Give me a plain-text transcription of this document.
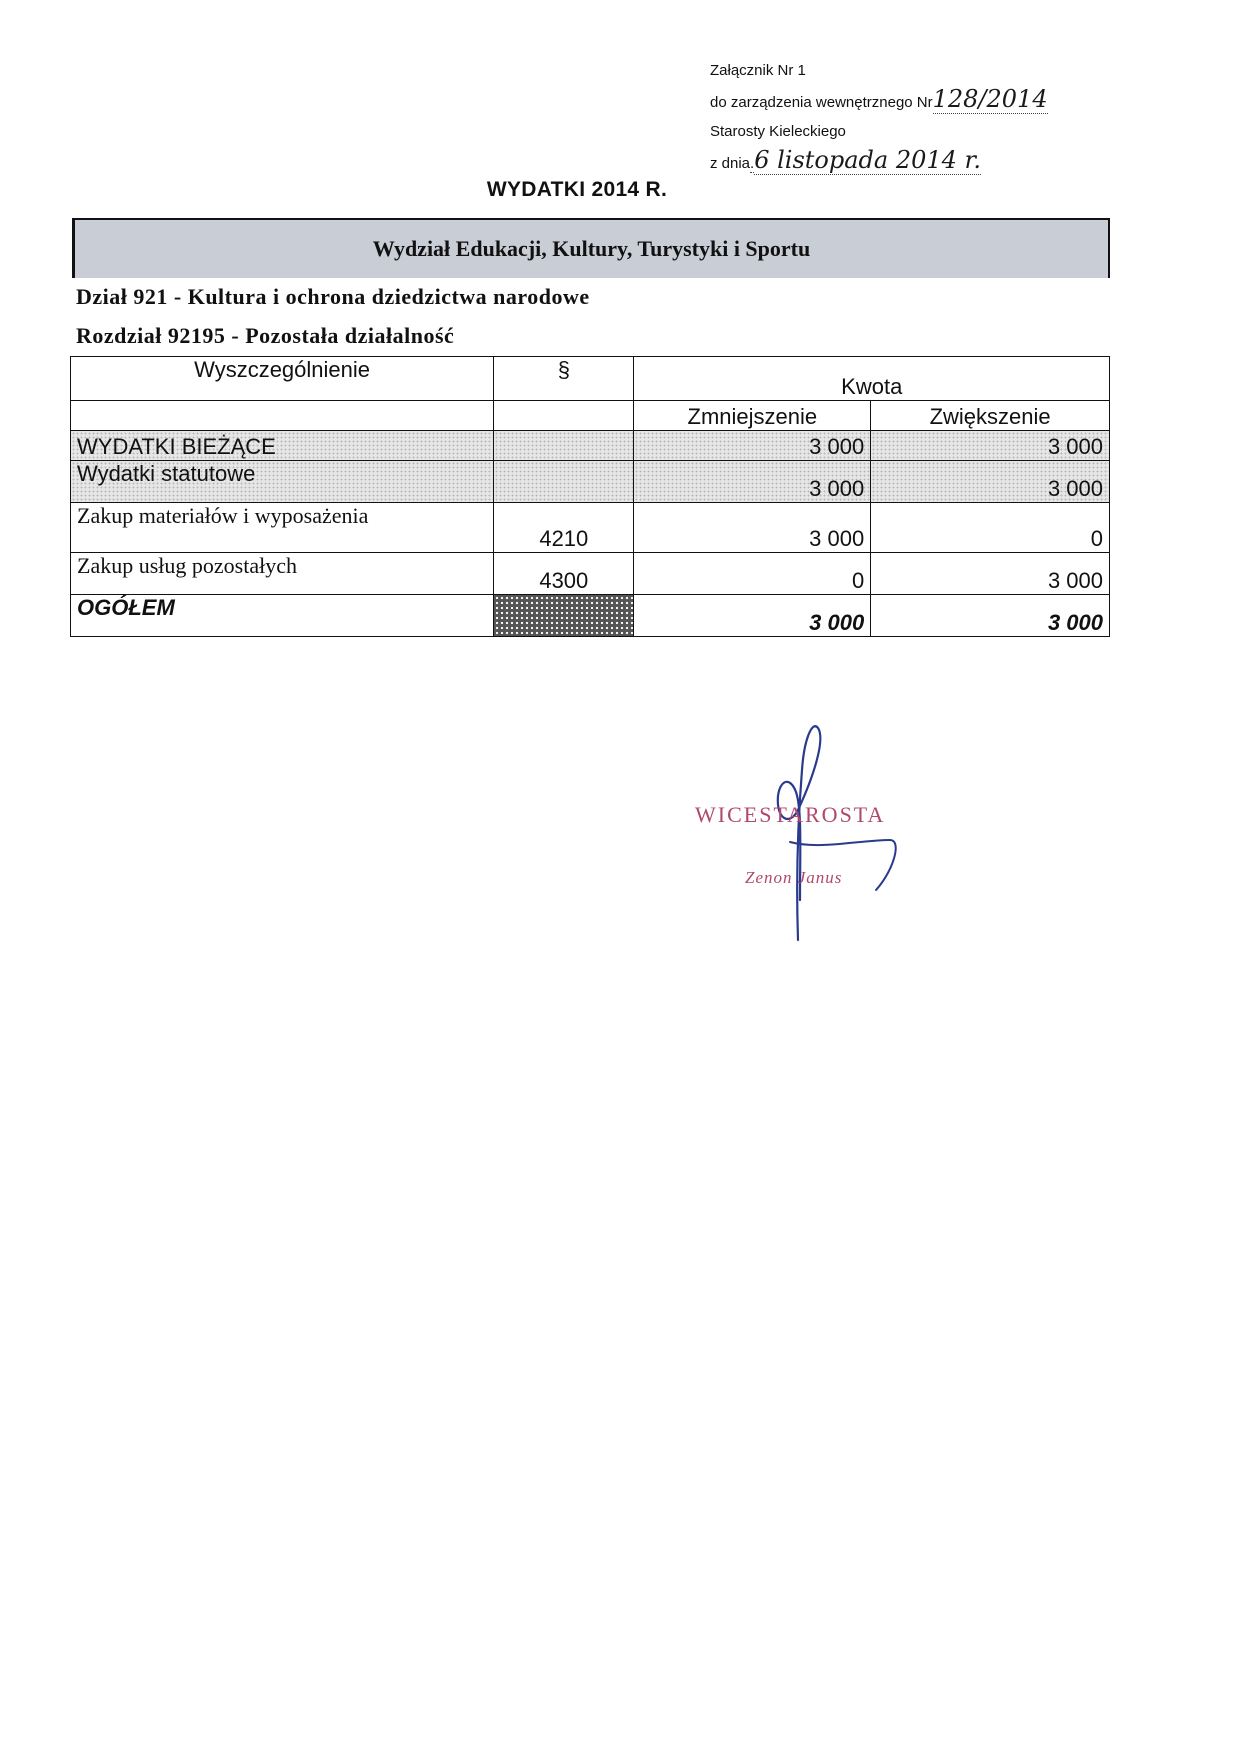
Załącznik Nr 1
do zarządzenia wewnętrznego Nr128/2014
Starosty Kieleckiego
z dnia.6 listopada 2014 r.
WYDATKI 2014 R.
Wydział Edukacji, Kultury, Turystyki i Sportu
Dział 921 - Kultura i ochrona dziedzictwa narodowe
Rozdział 92195 - Pozostała działalność
Wyszczególnienie	§	Kwota	
		Zmniejszenie	Zwiększenie
WYDATKI BIEŻĄCE		3 000	3 000
Wydatki statutowe		3 000	3 000
Zakup materiałów i wyposażenia	4210	3 000	0
Zakup usług pozostałych	4300	0	3 000
OGÓŁEM		3 000	3 000
WICESTAROSTA
Zenon Janus
